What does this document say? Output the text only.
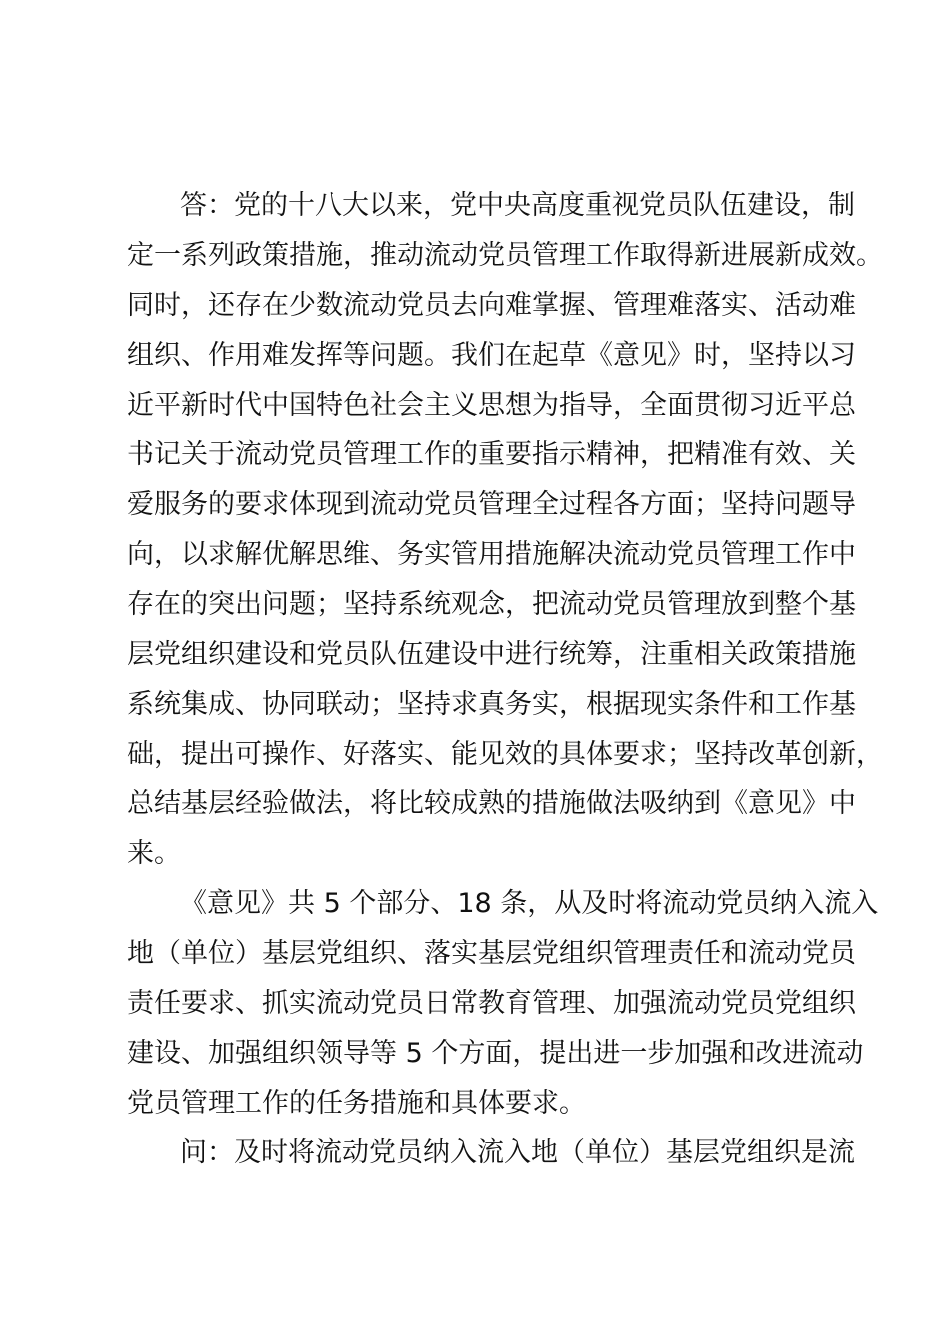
答：党的十八大以来，党中央高度重视党员队伍建设，制
定一系列政策措施，推动流动党员管理工作取得新进展新成效。
同时，还存在少数流动党员去向难掌握、管理难落实、活动难
组织、作用难发挥等问题。我们在起草《意见》时，坚持以习
近平新时代中国特色社会主义思想为指导，全面贯彻习近平总
书记关于流动党员管理工作的重要指示精神，把精准有效、关
爱服务的要求体现到流动党员管理全过程各方面；坚持问题导
向，以求解优解思维、务实管用措施解决流动党员管理工作中
存在的突出问题；坚持系统观念，把流动党员管理放到整个基
层党组织建设和党员队伍建设中进行统筹，注重相关政策措施
系统集成、协同联动；坚持求真务实，根据现实条件和工作基
础，提出可操作、好落实、能见效的具体要求；坚持改革创新，
总结基层经验做法，将比较成熟的措施做法吸纳到《意见》中
来。
《意见》共 5 个部分、18 条，从及时将流动党员纳入流入
地（单位）基层党组织、落实基层党组织管理责任和流动党员
责任要求、抓实流动党员日常教育管理、加强流动党员党组织
建设、加强组织领导等 5 个方面，提出进一步加强和改进流动
党员管理工作的任务措施和具体要求。
问：及时将流动党员纳入流入地（单位）基层党组织是流
